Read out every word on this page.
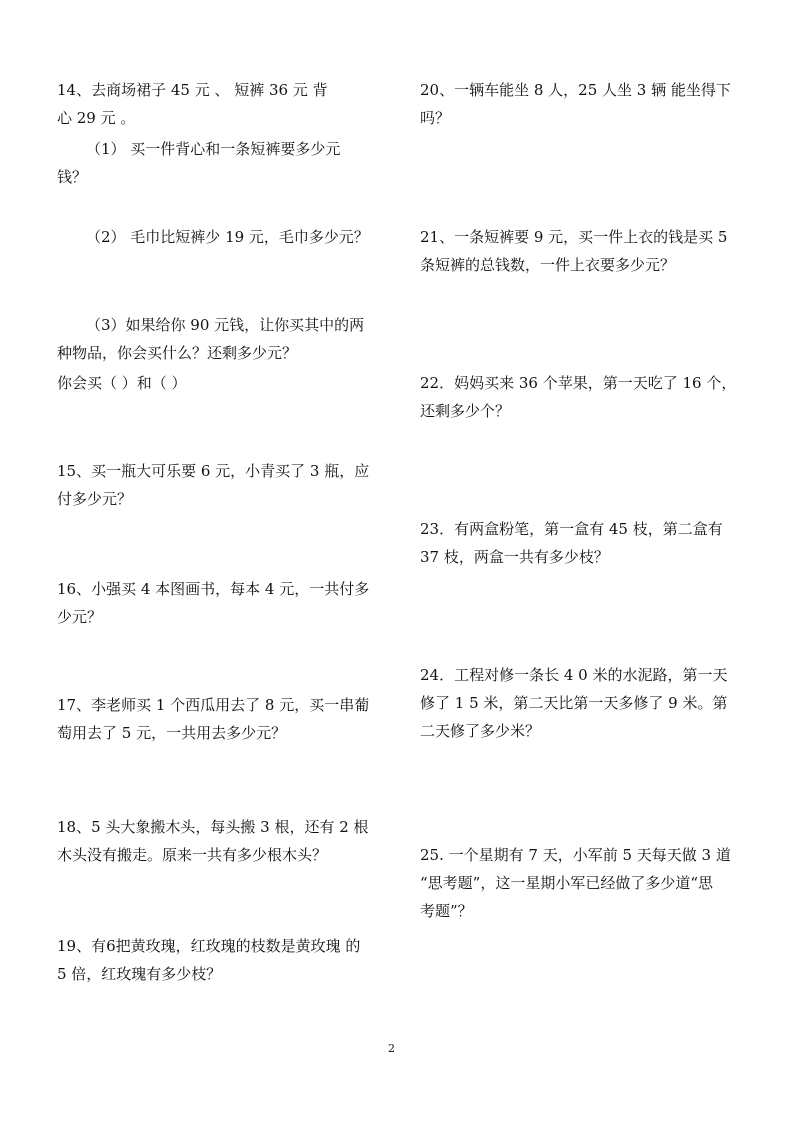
14、去商场裙子 45 元 、 短裤 36 元 背
心 29 元 。
（1） 买一件背心和一条短裤要多少元
钱？
（2） 毛巾比短裤少 19 元，毛巾多少元？
（3）如果给你 90 元钱，让你买其中的两
种物品，你会买什么？还剩多少元？
你会买（ ）和（ ）
15、买一瓶大可乐要 6 元，小青买了 3 瓶，应
付多少元？
16、小强买 4 本图画书，每本 4 元，一共付多
少元？
17、李老师买 1 个西瓜用去了 8 元，买一串葡
萄用去了 5 元，一共用去多少元？
18、5 头大象搬木头，每头搬 3 根，还有 2 根
木头没有搬走。原来一共有多少根木头？
19、有6把黄玫瑰，红玫瑰的枝数是黄玫瑰 的
5 倍，红玫瑰有多少枝？
20、一辆车能坐 8 人，25 人坐 3 辆 能坐得下
吗？
21、一条短裤要 9 元，买一件上衣的钱是买 5
条短裤的总钱数，一件上衣要多少元？
22．妈妈买来 36 个苹果，第一天吃了 16 个，
还剩多少个？
23．有两盒粉笔，第一盒有 45 枝，第二盒有
37 枝，两盒一共有多少枝？
24．工程对修一条长 4 0 米的水泥路，第一天
修了 1 5 米，第二天比第一天多修了 9 米。第
二天修了多少米？
25. 一个星期有 7 天，小军前 5 天每天做 3 道
“思考题”，这一星期小军已经做了多少道“思
考题”？
2
